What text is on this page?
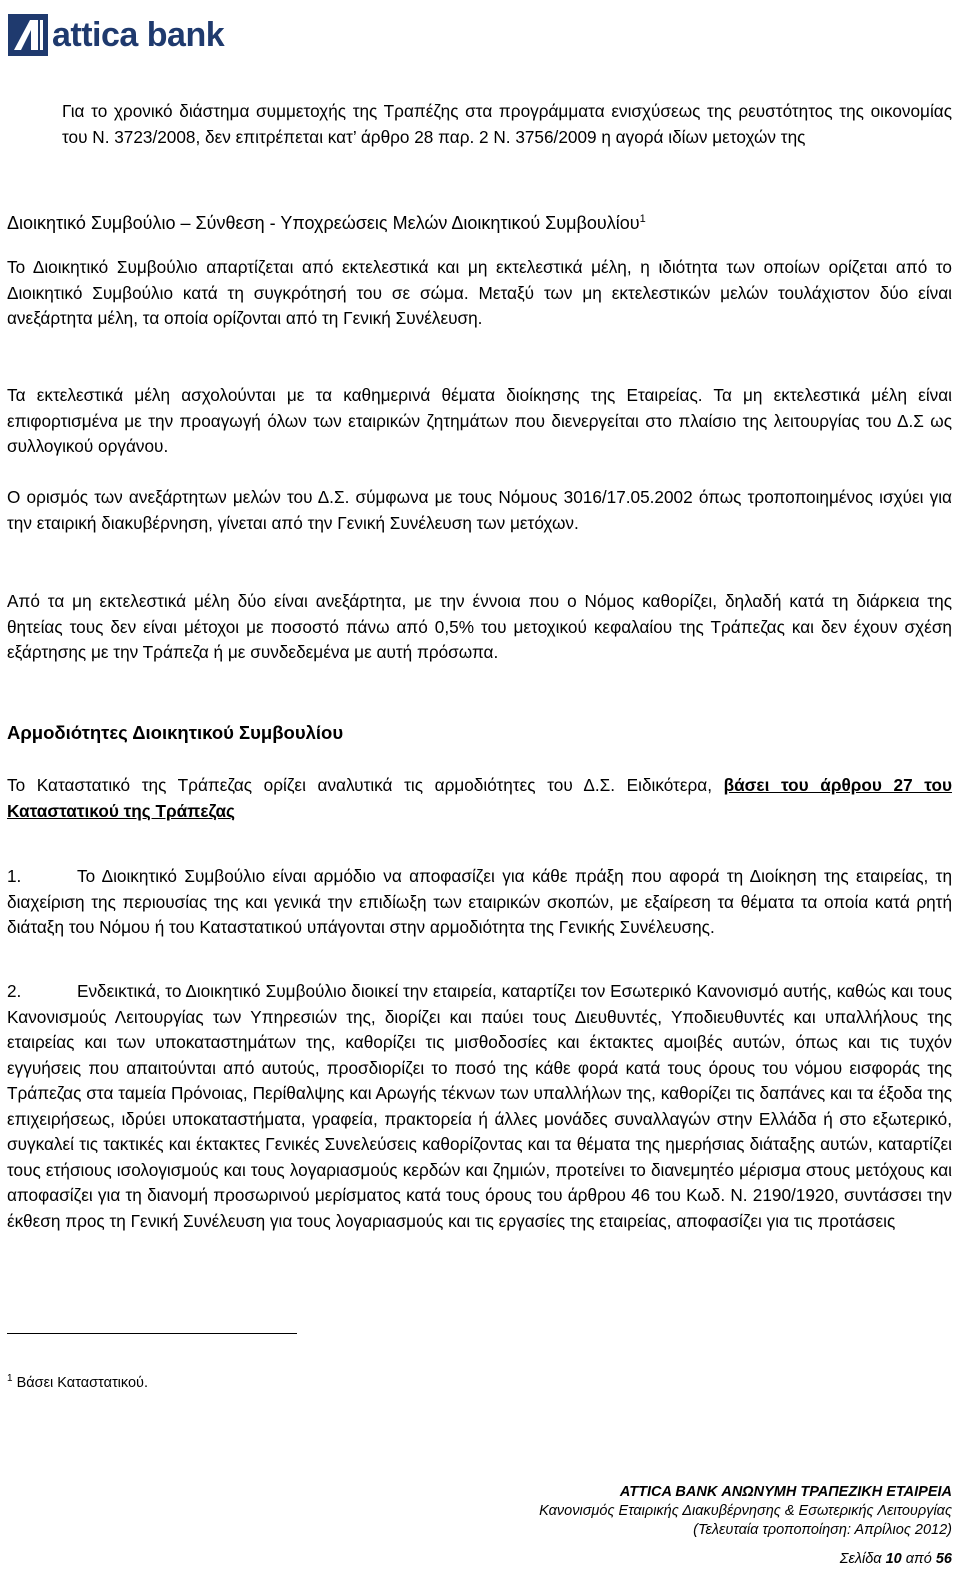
attica bank

Για το χρονικό διάστημα συμμετοχής της Τραπέζης στα προγράμματα ενισχύσεως της ρευστότητος της οικονομίας του Ν. 3723/2008, δεν επιτρέπεται κατ’ άρθρο 28 παρ. 2 Ν. 3756/2009 η αγορά ιδίων μετοχών της

Διοικητικό Συμβούλιο – Σύνθεση - Υποχρεώσεις Μελών Διοικητικού Συμβουλίου$^1$

Το Διοικητικό Συμβούλιο απαρτίζεται από εκτελεστικά και μη εκτελεστικά μέλη, η ιδιότητα των οποίων ορίζεται από το Διοικητικό Συμβούλιο κατά τη συγκρότησή του σε σώμα. Μεταξύ των μη εκτελεστικών μελών τουλάχιστον δύο είναι ανεξάρτητα μέλη, τα οποία ορίζονται από τη Γενική Συνέλευση.

Τα εκτελεστικά μέλη ασχολούνται με τα καθημερινά θέματα διοίκησης της Εταιρείας. Τα μη εκτελεστικά μέλη είναι επιφορτισμένα με την προαγωγή όλων των εταιρικών ζητημάτων που διενεργείται στο πλαίσιο της λειτουργίας του Δ.Σ ως συλλογικού οργάνου.

Ο ορισμός των ανεξάρτητων μελών του Δ.Σ. σύμφωνα με τους Νόμους 3016/17.05.2002 όπως τροποποιημένος ισχύει για την εταιρική διακυβέρνηση, γίνεται από την Γενική Συνέλευση των μετόχων.

Από τα μη εκτελεστικά μέλη δύο είναι ανεξάρτητα, με την έννοια που ο Νόμος καθορίζει, δηλαδή κατά τη διάρκεια της θητείας τους δεν είναι μέτοχοι με ποσοστό πάνω από 0,5% του μετοχικού κεφαλαίου της Τράπεζας και δεν έχουν σχέση εξάρτησης με την Τράπεζα ή με συνδεδεμένα με αυτή πρόσωπα.

Αρμοδιότητες Διοικητικού Συμβουλίου

Το Καταστατικό της Τράπεζας ορίζει αναλυτικά τις αρμοδιότητες του Δ.Σ. Ειδικότερα, βάσει του άρθρου 27 του Καταστατικού της Τράπεζας

1.	Το Διοικητικό Συμβούλιο είναι αρμόδιο να αποφασίζει για κάθε πράξη που αφορά τη Διοίκηση της εταιρείας, τη διαχείριση της περιουσίας της και γενικά την επιδίωξη των εταιρικών σκοπών, με εξαίρεση τα θέματα τα οποία κατά ρητή διάταξη του Νόμου ή του Καταστατικού υπάγονται στην αρμοδιότητα της Γενικής Συνέλευσης.

2.	Ενδεικτικά, το Διοικητικό Συμβούλιο διοικεί την εταιρεία, καταρτίζει τον Εσωτερικό Κανονισμό αυτής, καθώς και τους Κανονισμούς Λειτουργίας των Υπηρεσιών της, διορίζει και παύει τους Διευθυντές, Υποδιευθυντές και υπαλλήλους της εταιρείας και των υποκαταστημάτων της, καθορίζει τις μισθοδοσίες και έκτακτες αμοιβές αυτών, όπως και τις τυχόν εγγυήσεις που απαιτούνται από αυτούς, προσδιορίζει το ποσό της κάθε φορά κατά τους όρους του νόμου εισφοράς της Τράπεζας στα ταμεία Πρόνοιας, Περίθαλψης και Αρωγής τέκνων των υπαλλήλων της, καθορίζει τις δαπάνες και τα έξοδα της επιχειρήσεως, ιδρύει υποκαταστήματα, γραφεία, πρακτορεία ή άλλες μονάδες συναλλαγών στην Ελλάδα ή στο εξωτερικό, συγκαλεί τις τακτικές και έκτακτες Γενικές Συνελεύσεις καθορίζοντας και τα θέματα της ημερήσιας διάταξης αυτών, καταρτίζει τους ετήσιους ισολογισμούς και τους λογαριασμούς κερδών και ζημιών, προτείνει το διανεμητέο μέρισμα στους μετόχους και αποφασίζει για τη διανομή προσωρινού μερίσματος κατά τους όρους του άρθρου 46 του Κωδ. Ν. 2190/1920, συντάσσει την έκθεση προς τη Γενική Συνέλευση για τους λογαριασμούς και τις εργασίες της εταιρείας, αποφασίζει για τις προτάσεις

$^1$ Βάσει Καταστατικού.

ATTICA BANK ΑΝΩΝΥΜΗ ΤΡΑΠΕΖΙΚΗ ΕΤΑΙΡΕΙΑ
Κανονισμός Εταιρικής Διακυβέρνησης & Εσωτερικής Λειτουργίας
(Τελευταία τροποποίηση: Απρίλιος 2012)
Σελίδα 10 από 56
